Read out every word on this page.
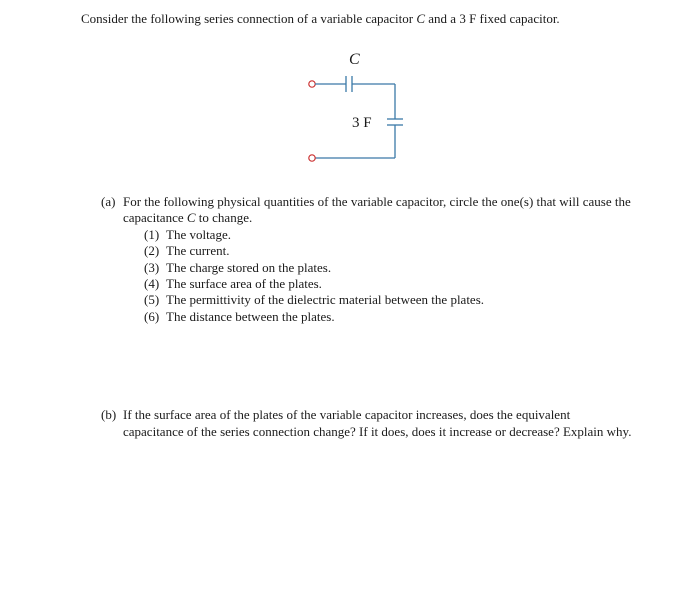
Consider the following series connection of a variable capacitor C and a 3 F fixed capacitor.
C
3 F
(a) For the following physical quantities of the variable capacitor, circle the one(s) that will cause the
capacitance C to change.
(1) The voltage.
(2) The current.
(3) The charge stored on the plates.
(4) The surface area of the plates.
(5) The permittivity of the dielectric material between the plates.
(6) The distance between the plates.
(b) If the surface area of the plates of the variable capacitor increases, does the equivalent
capacitance of the series connection change? If it does, does it increase or decrease? Explain why.
